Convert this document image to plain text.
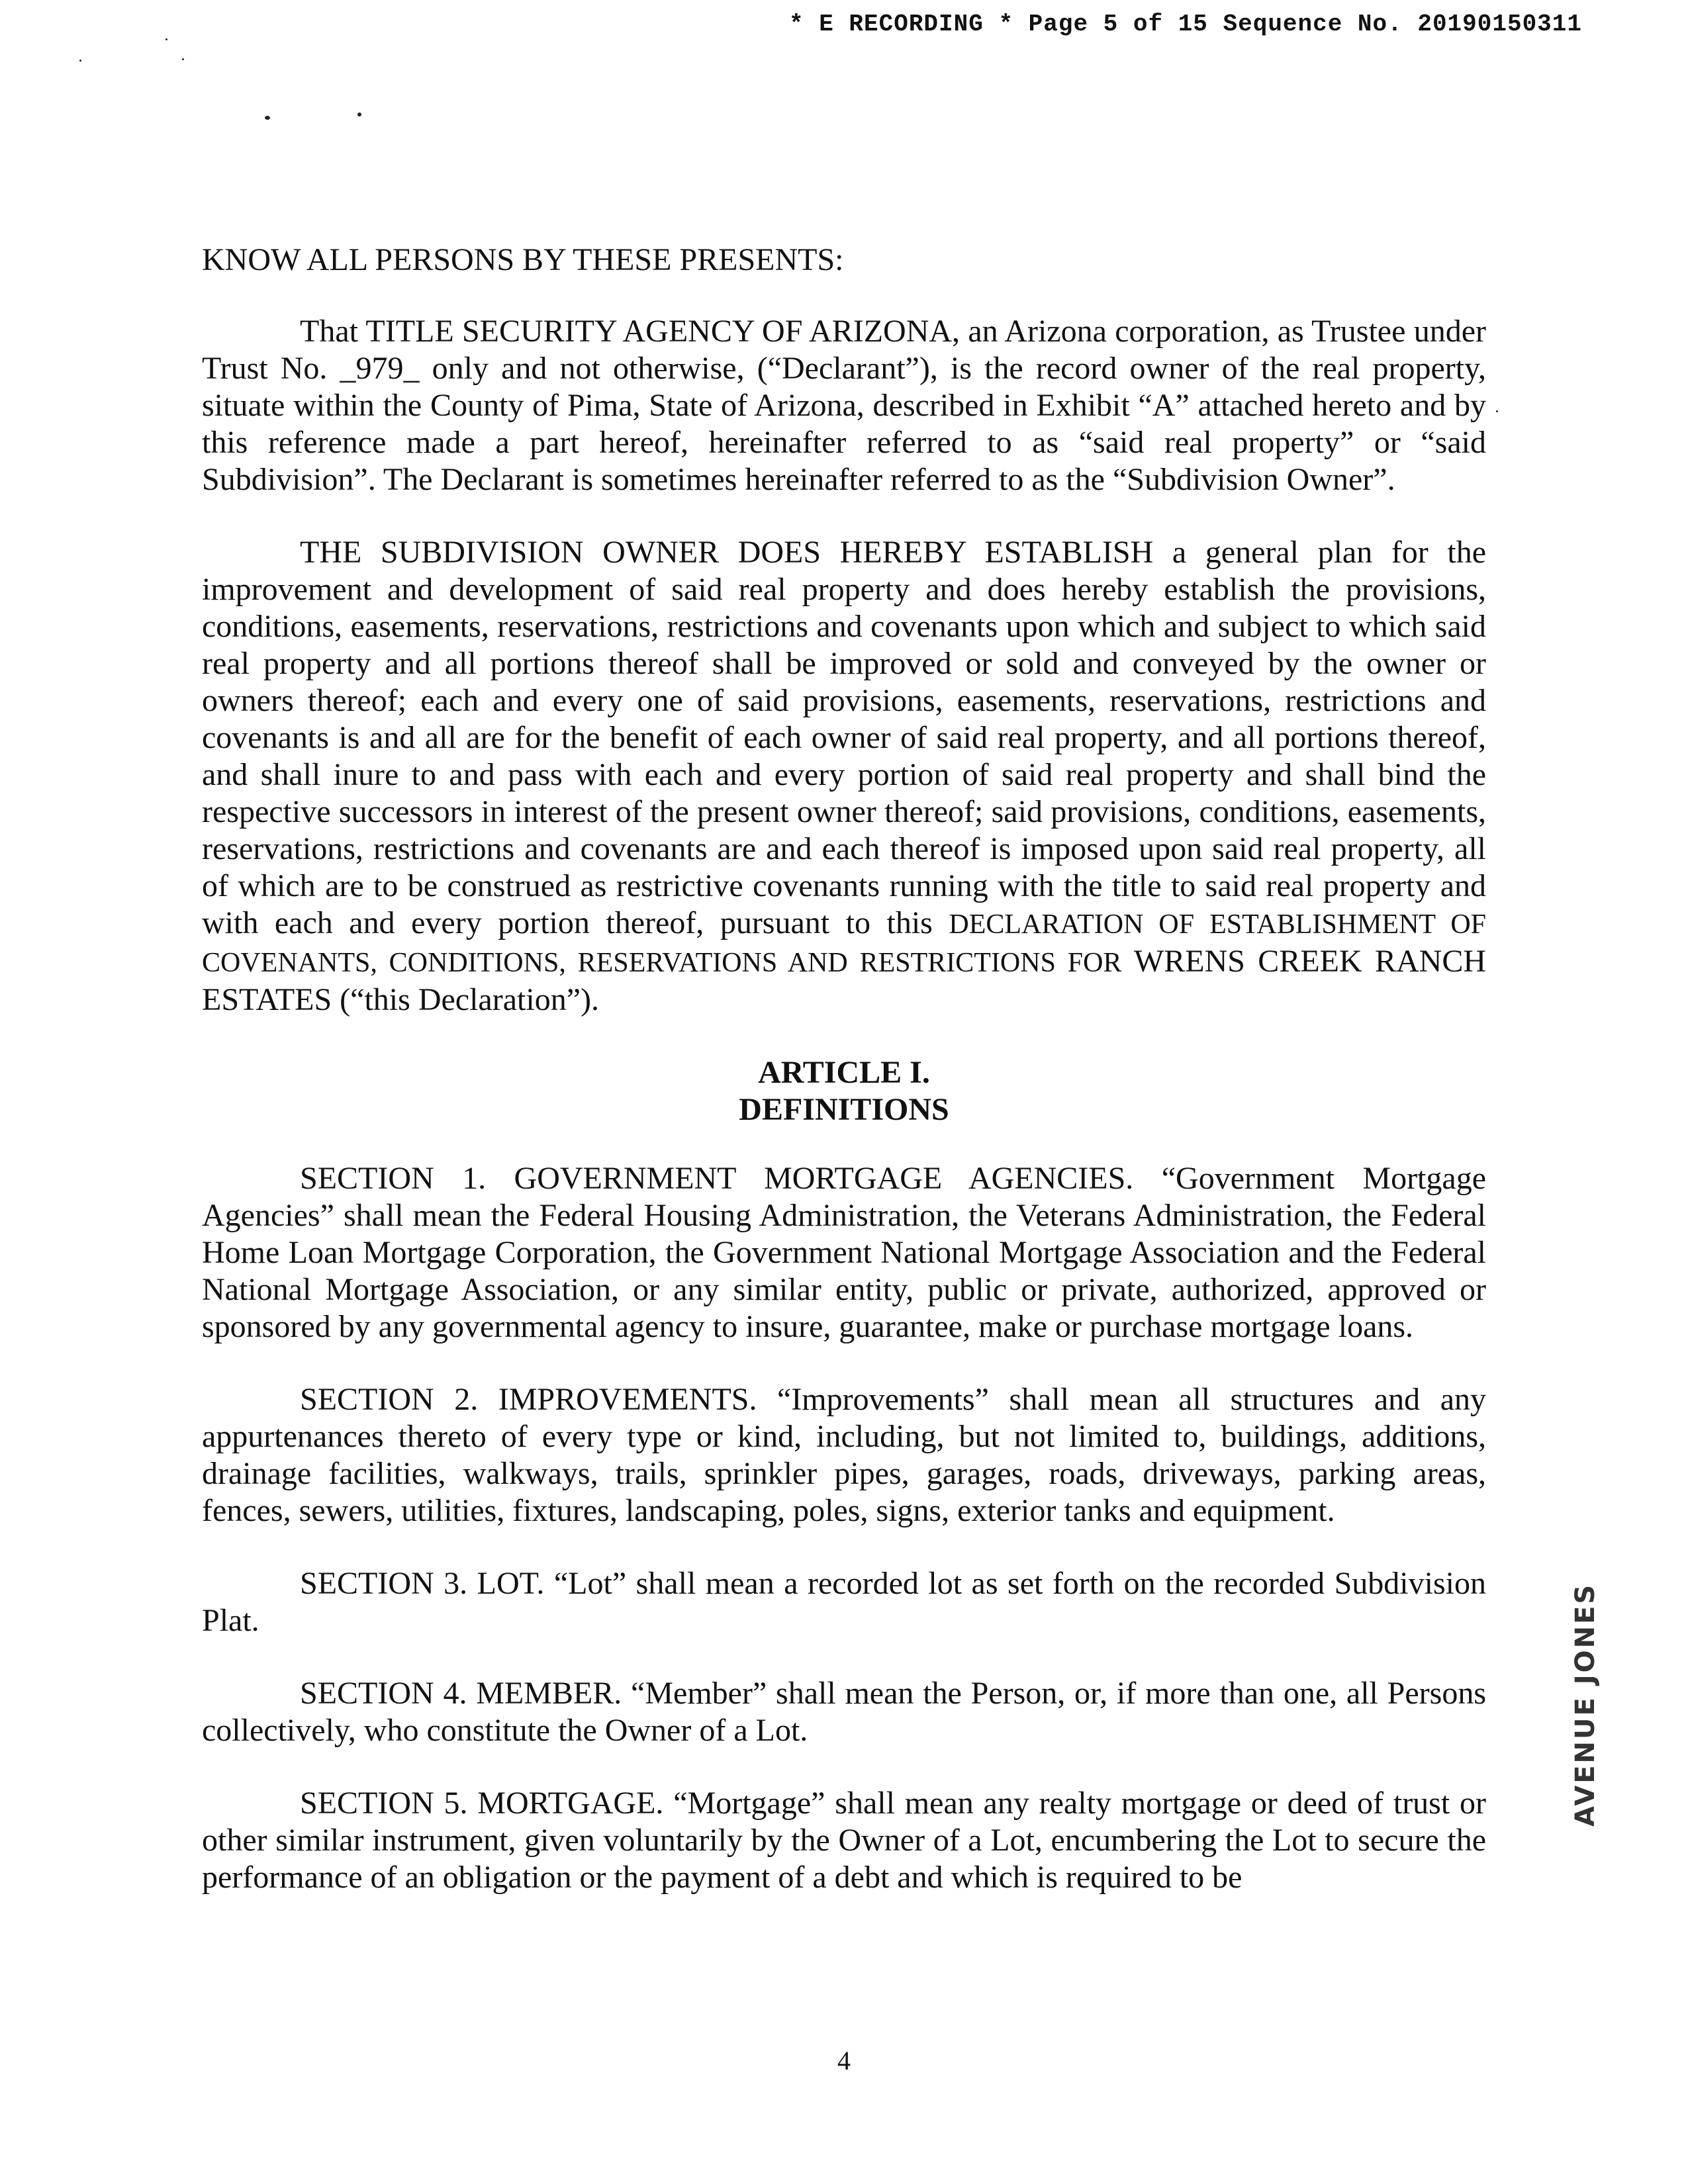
* E RECORDING * Page 5 of 15 Sequence No. 20190150311
KNOW ALL PERSONS BY THESE PRESENTS:

That TITLE SECURITY AGENCY OF ARIZONA, an Arizona corporation, as Trustee under Trust No. _979_ only and not otherwise, (“Declarant”), is the record owner of the real property, situate within the County of Pima, State of Arizona, described in Exhibit “A” attached hereto and by this reference made a part hereof, hereinafter referred to as “said real property” or “said Subdivision”. The Declarant is sometimes hereinafter referred to as the “Subdivision Owner”.

THE SUBDIVISION OWNER DOES HEREBY ESTABLISH a general plan for the improvement and development of said real property and does hereby establish the provisions, conditions, easements, reservations, restrictions and covenants upon which and subject to which said real property and all portions thereof shall be improved or sold and conveyed by the owner or owners thereof; each and every one of said provisions, easements, reservations, restrictions and covenants is and all are for the benefit of each owner of said real property, and all portions thereof, and shall inure to and pass with each and every portion of said real property and shall bind the respective successors in interest of the present owner thereof; said provisions, conditions, easements, reservations, restrictions and covenants are and each thereof is imposed upon said real property, all of which are to be construed as restrictive covenants running with the title to said real property and with each and every portion thereof, pursuant to this DECLARATION OF ESTABLISHMENT OF COVENANTS, CONDITIONS, RESERVATIONS AND RESTRICTIONS FOR WRENS CREEK RANCH ESTATES (“this Declaration”).

ARTICLE I.
DEFINITIONS

SECTION 1. GOVERNMENT MORTGAGE AGENCIES. “Government Mortgage Agencies” shall mean the Federal Housing Administration, the Veterans Administration, the Federal Home Loan Mortgage Corporation, the Government National Mortgage Association and the Federal National Mortgage Association, or any similar entity, public or private, authorized, approved or sponsored by any governmental agency to insure, guarantee, make or purchase mortgage loans.

SECTION 2. IMPROVEMENTS. “Improvements” shall mean all structures and any appurtenances thereto of every type or kind, including, but not limited to, buildings, additions, drainage facilities, walkways, trails, sprinkler pipes, garages, roads, driveways, parking areas, fences, sewers, utilities, fixtures, landscaping, poles, signs, exterior tanks and equipment.

SECTION 3. LOT. “Lot” shall mean a recorded lot as set forth on the recorded Subdivision Plat.

SECTION 4. MEMBER. “Member” shall mean the Person, or, if more than one, all Persons collectively, who constitute the Owner of a Lot.

SECTION 5. MORTGAGE. “Mortgage” shall mean any realty mortgage or deed of trust or other similar instrument, given voluntarily by the Owner of a Lot, encumbering the Lot to secure the performance of an obligation or the payment of a debt and which is required to be

4
AVENUE JONES
